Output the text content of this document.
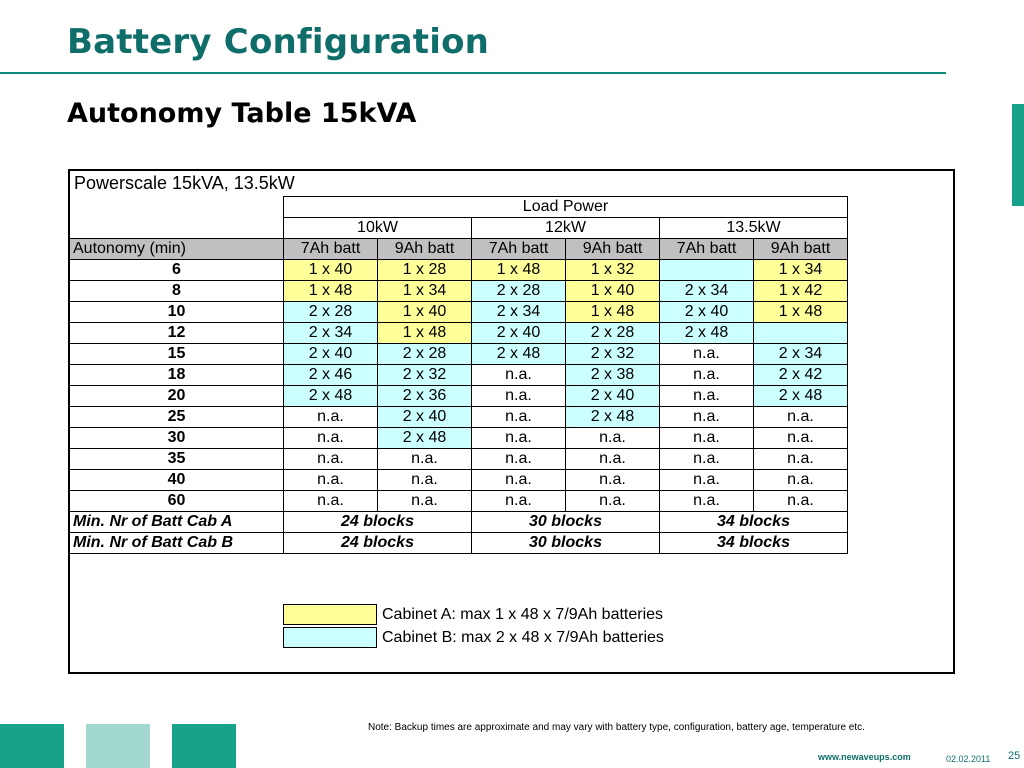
Battery Configuration
Autonomy Table 15kVA
Powerscale 15kVA, 13.5kW
	Load Power					
	10kW		12kW		13.5kW	
Autonomy (min)	7Ah batt	9Ah batt	7Ah batt	9Ah batt	7Ah batt	9Ah batt
6	1 x 40	1 x 28	1 x 48	1 x 32		1 x 34
8	1 x 48	1 x 34	2 x 28	1 x 40	2 x 34	1 x 42
10	2 x 28	1 x 40	2 x 34	1 x 48	2 x 40	1 x 48
12	2 x 34	1 x 48	2 x 40	2 x 28	2 x 48	
15	2 x 40	2 x 28	2 x 48	2 x 32	n.a.	2 x 34
18	2 x 46	2 x 32	n.a.	2 x 38	n.a.	2 x 42
20	2 x 48	2 x 36	n.a.	2 x 40	n.a.	2 x 48
25	n.a.	2 x 40	n.a.	2 x 48	n.a.	n.a.
30	n.a.	2 x 48	n.a.	n.a.	n.a.	n.a.
35	n.a.	n.a.	n.a.	n.a.	n.a.	n.a.
40	n.a.	n.a.	n.a.	n.a.	n.a.	n.a.
60	n.a.	n.a.	n.a.	n.a.	n.a.	n.a.
Min. Nr of Batt Cab A	24 blocks		30 blocks		34 blocks	
Min. Nr of Batt Cab B	24 blocks		30 blocks		34 blocks	
Cabinet A: max 1 x 48 x 7/9Ah batteries
Cabinet B: max 2 x 48 x 7/9Ah batteries
Note: Backup times are approximate and may vary with battery type, configuration, battery age, temperature etc.
www.newaveups.com	02.02.2011 25
